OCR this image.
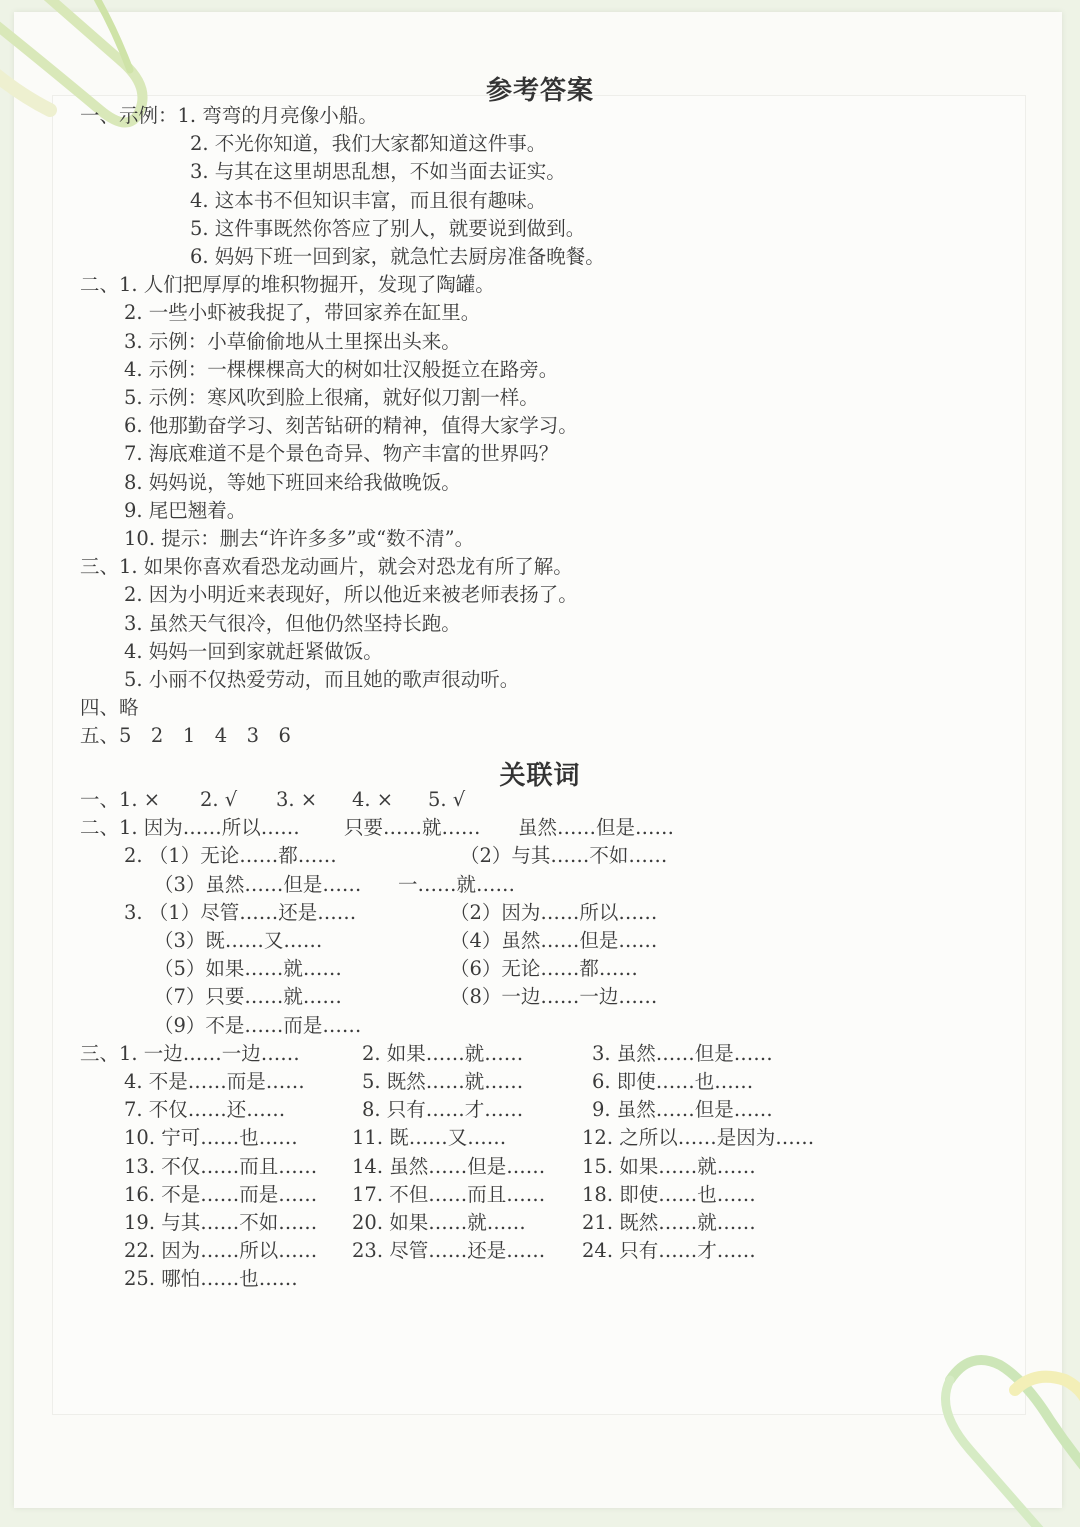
参考答案
一、示例：1. 弯弯的月亮像小船。
2. 不光你知道，我们大家都知道这件事。
3. 与其在这里胡思乱想，不如当面去证实。
4. 这本书不但知识丰富，而且很有趣味。
5. 这件事既然你答应了别人，就要说到做到。
6. 妈妈下班一回到家，就急忙去厨房准备晚餐。
二、1. 人们把厚厚的堆积物掘开，发现了陶罐。
2. 一些小虾被我捉了，带回家养在缸里。
3. 示例：小草偷偷地从土里探出头来。
4. 示例：一棵棵棵高大的树如壮汉般挺立在路旁。
5. 示例：寒风吹到脸上很痛，就好似刀割一样。
6. 他那勤奋学习、刻苦钻研的精神，值得大家学习。
7. 海底难道不是个景色奇异、物产丰富的世界吗？
8. 妈妈说，等她下班回来给我做晚饭。
9. 尾巴翘着。
10. 提示：删去“许许多多”或“数不清”。
三、1. 如果你喜欢看恐龙动画片，就会对恐龙有所了解。
2. 因为小明近来表现好，所以他近来被老师表扬了。
3. 虽然天气很冷，但他仍然坚持长跑。
4. 妈妈一回到家就赶紧做饭。
5. 小丽不仅热爱劳动，而且她的歌声很动听。
四、略
五、5　2　1　4　3　6
关联词
一、1. × 2. √ 3. × 4. × 5. √
二、1. 因为……所以…… 只要……就…… 虽然……但是……
2. （1）无论……都……	（2）与其……不如……
（3）虽然……但是…… 一……就……
3. （1）尽管……还是……	（2）因为……所以……
（3）既……又……	（4）虽然……但是……
（5）如果……就……	（6）无论……都……
（7）只要……就……	（8）一边……一边……
（9）不是……而是……
三、1. 一边……一边……	2. 如果……就……	3. 虽然……但是……
4. 不是……而是……	5. 既然……就……	6. 即使……也……
7. 不仅……还……	8. 只有……才……	9. 虽然……但是……
10. 宁可……也……	11. 既……又……	12. 之所以……是因为……
13. 不仅……而且…… 14. 虽然……但是…… 15. 如果……就……
16. 不是……而是…… 17. 不但……而且…… 18. 即使……也……
19. 与其……不如…… 20. 如果……就……	21. 既然……就……
22. 因为……所以…… 23. 尽管……还是…… 24. 只有……才……
25. 哪怕……也……
